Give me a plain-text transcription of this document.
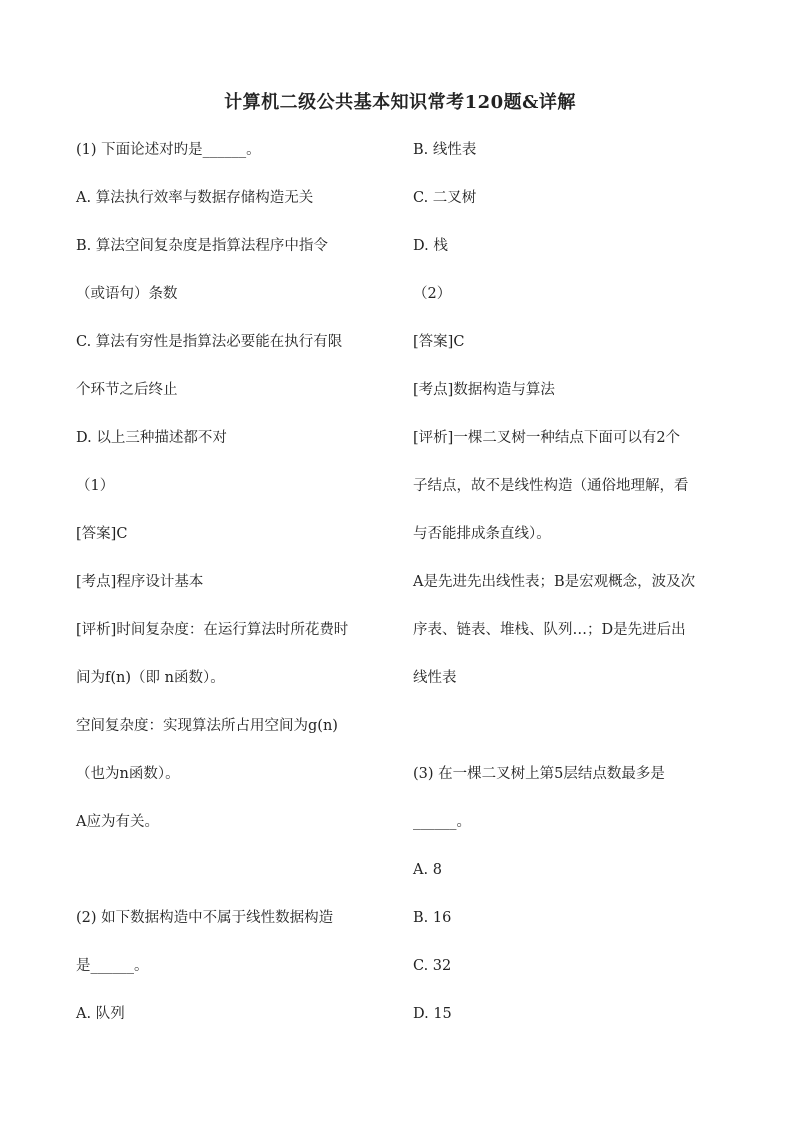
计算机二级公共基本知识常考120题&详解
(1) 下面论述对旳是______。
A. 算法执行效率与数据存储构造无关
B. 算法空间复杂度是指算法程序中指令
（或语句）条数
C. 算法有穷性是指算法必要能在执行有限
个环节之后终止
D. 以上三种描述都不对
（1）
[答案]C
[考点]程序设计基本
[评析]时间复杂度：在运行算法时所花费时
间为f(n)（即 n函数）。
空间复杂度：实现算法所占用空间为g(n)
（也为n函数）。
A应为有关。
(2) 如下数据构造中不属于线性数据构造
是______。
A. 队列
B. 线性表
C. 二叉树
D. 栈
（2）
[答案]C
[考点]数据构造与算法
[评析]一棵二叉树一种结点下面可以有2个
子结点，故不是线性构造（通俗地理解，看
与否能排成条直线）。
A是先进先出线性表；B是宏观概念，波及次
序表、链表、堆栈、队列…；D是先进后出
线性表
(3) 在一棵二叉树上第5层结点数最多是
______。
A. 8
B. 16
C. 32
D. 15
